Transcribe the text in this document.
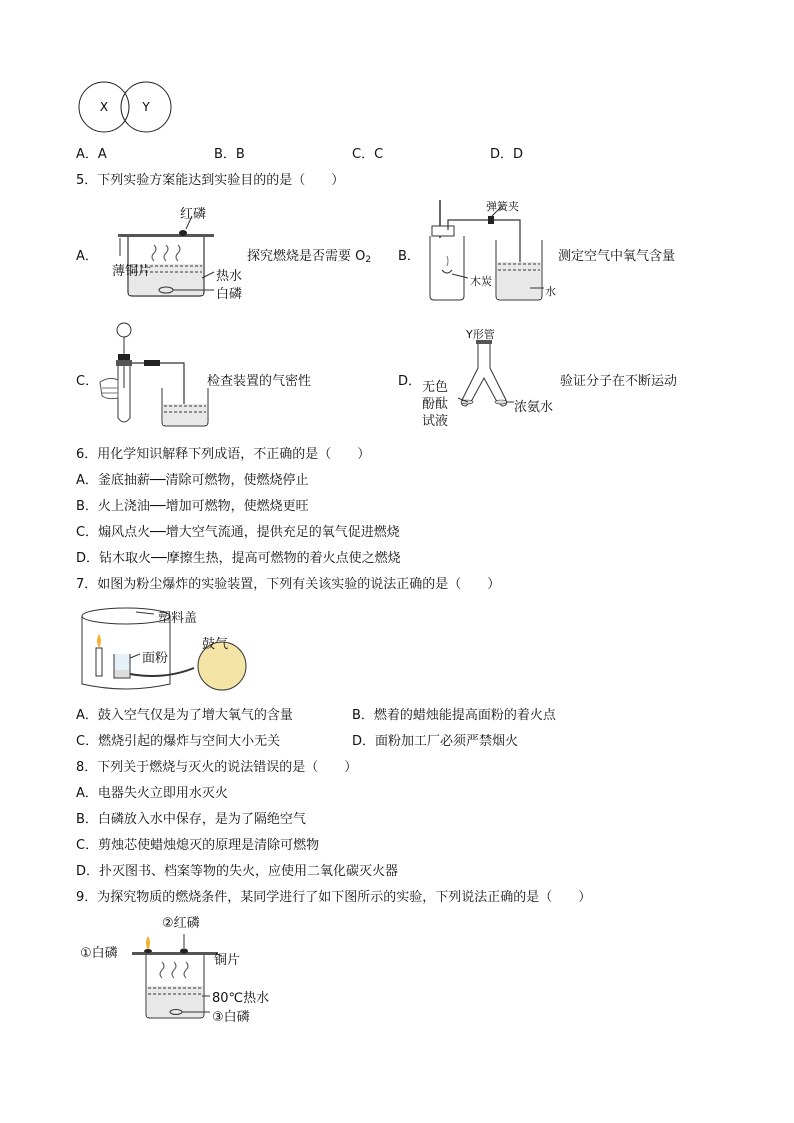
X	Y
A．A	B．B	C．C	D．D
5．下列实验方案能达到实验目的的是（　　）
A．
红磷
薄铜片	热水
白磷
探究燃烧是否需要 $O_2$ B．
弹簧夹
木炭
水
测定空气中氧气含量
C．	检查装置的气密性	D．
Y形管
无色
酚酞
试液
浓氨水
验证分子在不断运动
6．用化学知识解释下列成语，不正确的是（　　）
A．釜底抽薪──清除可燃物，使燃烧停止
B．火上浇油──增加可燃物，使燃烧更旺
C．煽风点火──增大空气流通，提供充足的氧气促进燃烧
D．钻木取火──摩擦生热，提高可燃物的着火点使之燃烧
7．如图为粉尘爆炸的实验装置，下列有关该实验的说法正确的是（　　）
塑料盖
面粉
鼓气
A．鼓入空气仅是为了增大氧气的含量	B．燃着的蜡烛能提高面粉的着火点
C．燃烧引起的爆炸与空间大小无关	D．面粉加工厂必须严禁烟火
8．下列关于燃烧与灭火的说法错误的是（　　）
A．电器失火立即用水灭火
B．白磷放入水中保存，是为了隔绝空气
C．剪烛芯使蜡烛熄灭的原理是清除可燃物
D．扑灭图书、档案等物的失火，应使用二氧化碳灭火器
9．为探究物质的燃烧条件，某同学进行了如下图所示的实验，下列说法正确的是（　　）
①白磷
②红磷
铜片
80℃热水
③白磷
